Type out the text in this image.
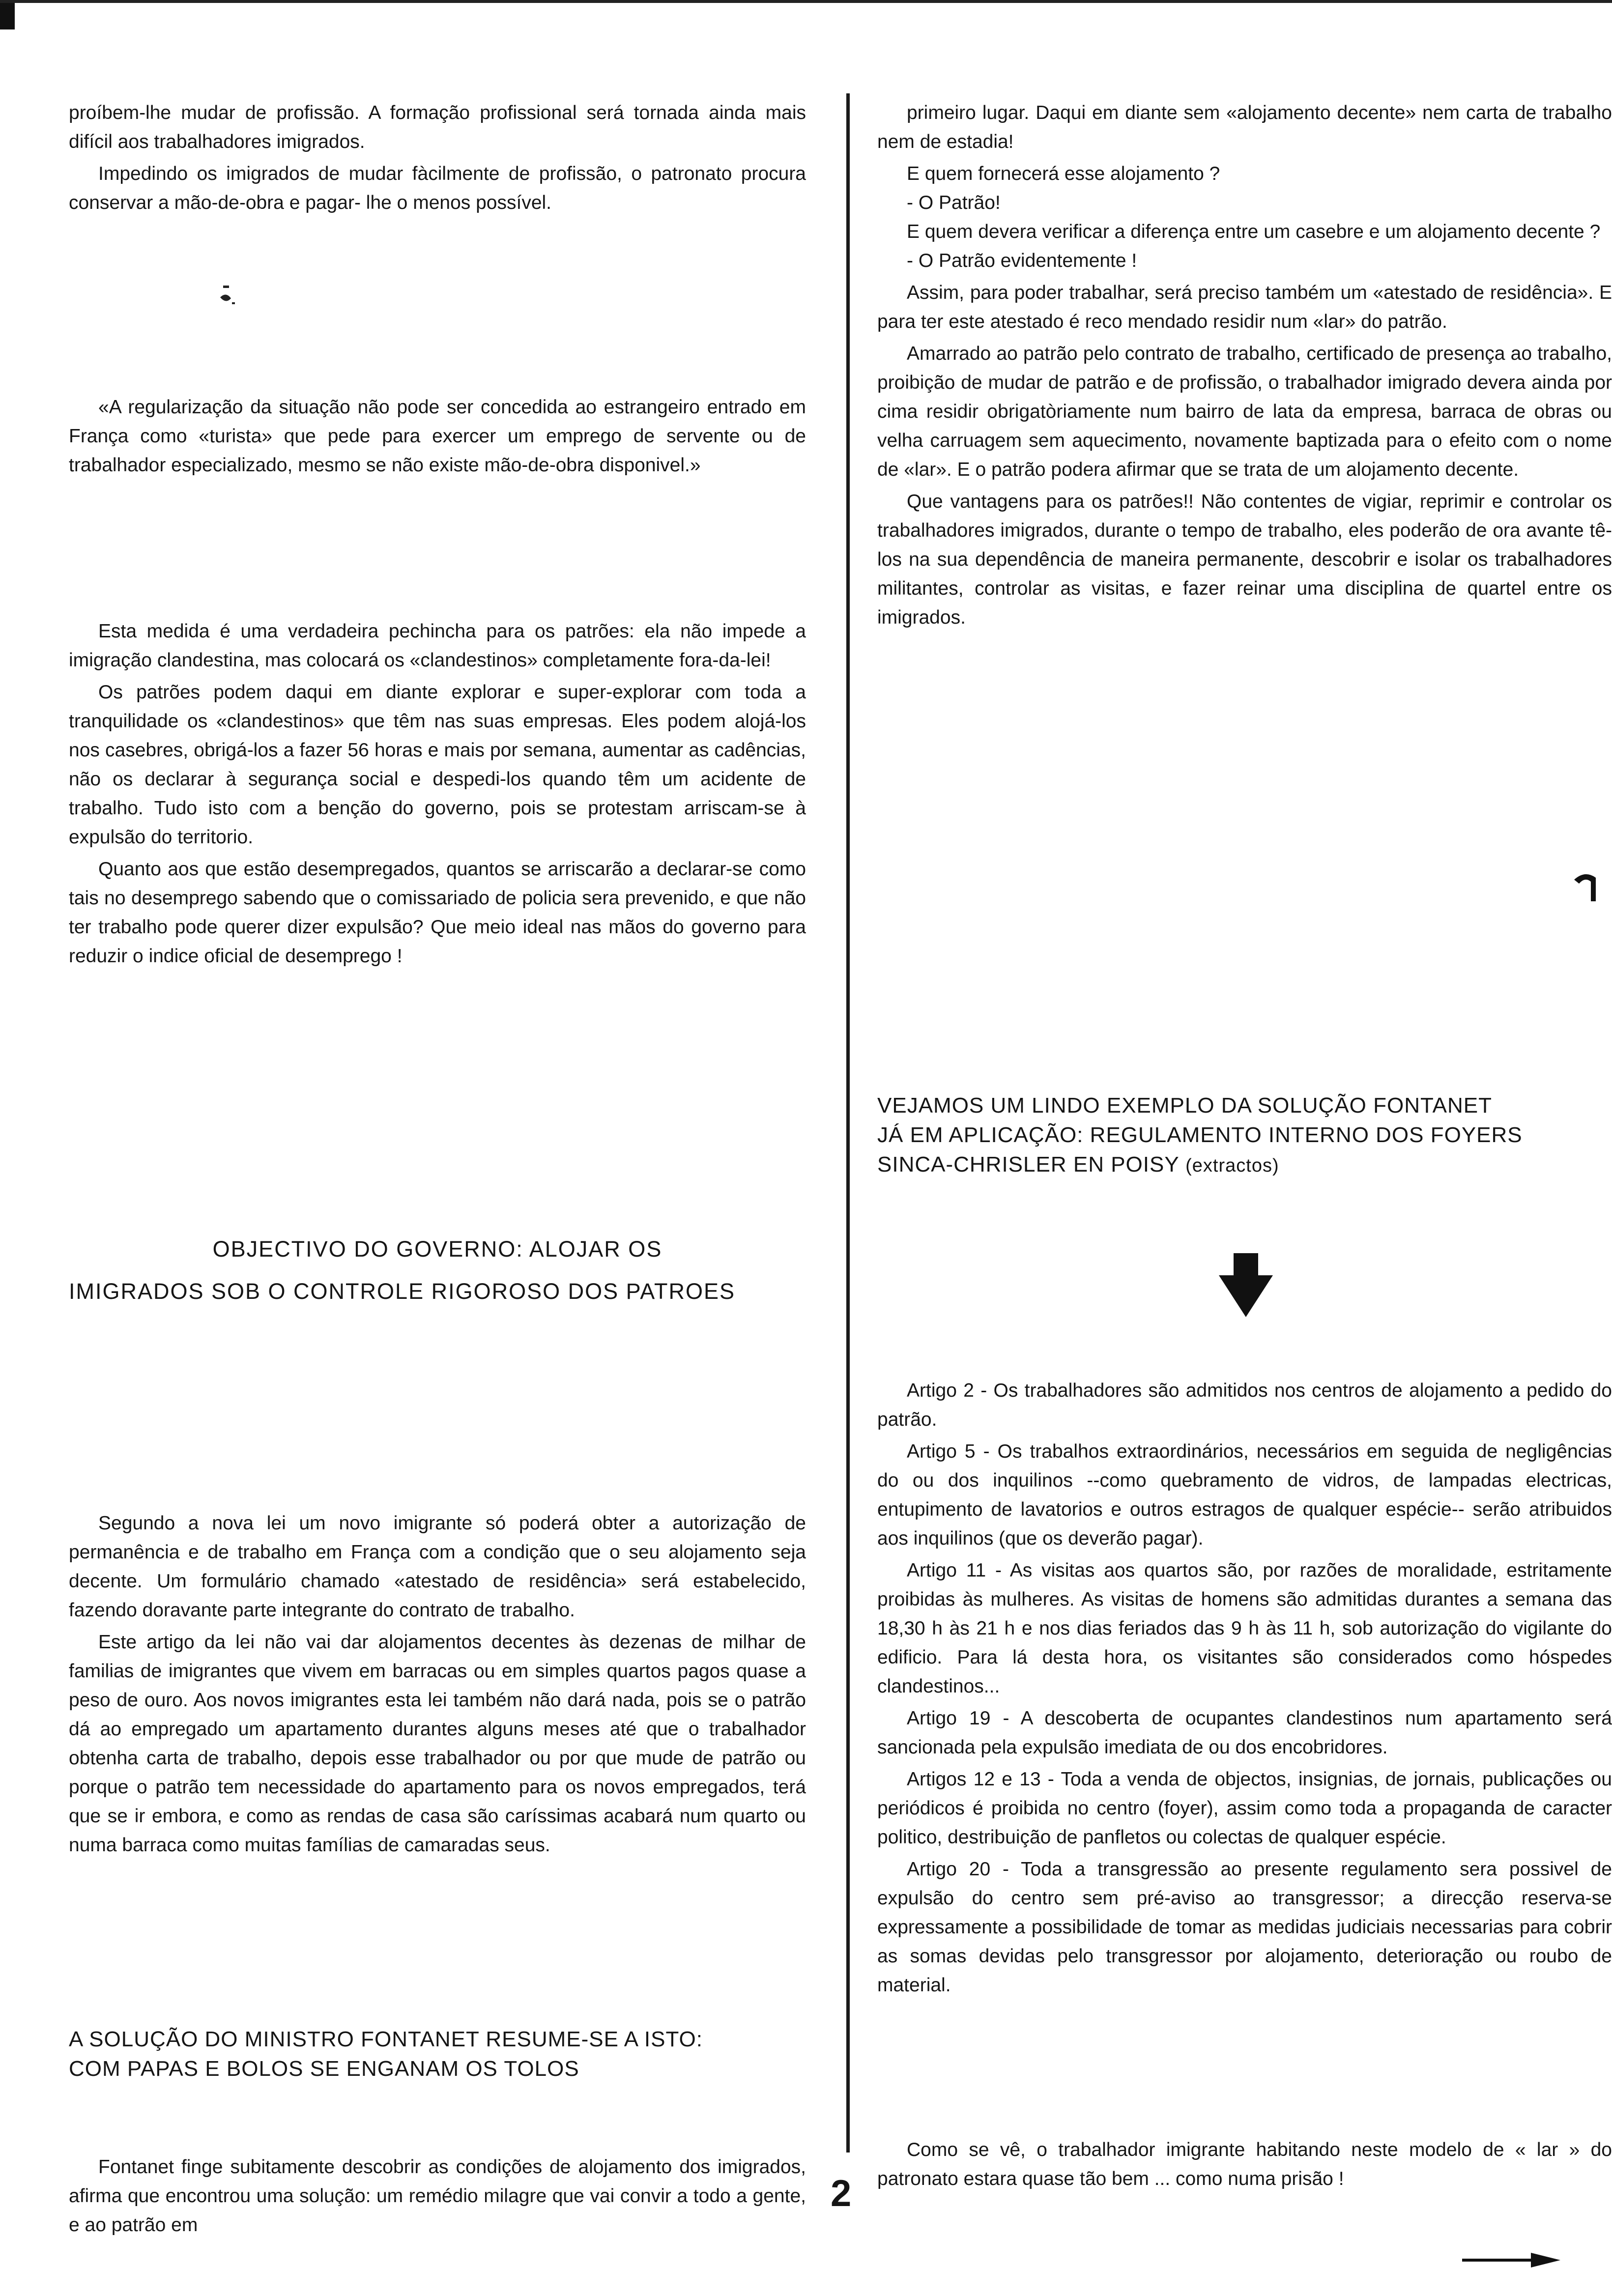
proíbem-lhe mudar de profissão. A formação profissional será tornada ainda mais difícil aos trabalhadores imigrados.

Impedindo os imigrados de mudar fàcilmente de profissão, o patronato procura conservar a mão-de-obra e pagar- lhe o menos possível.

«A regularização da situação não pode ser concedida ao estrangeiro entrado em França como «turista» que pede para exercer um emprego de servente ou de trabalhador especializado, mesmo se não existe mão-de-obra disponivel.»

Esta medida é uma verdadeira pechincha para os patrões: ela não impede a imigração clandestina, mas colocará os «clandestinos» completamente fora-da-lei!

Os patrões podem daqui em diante explorar e super-explorar com toda a tranquilidade os «clandestinos» que têm nas suas empresas. Eles podem alojá-los nos casebres, obrigá-los a fazer 56 horas e mais por semana, aumentar as cadências, não os declarar à segurança social e despedi-los quando têm um acidente de trabalho. Tudo isto com a benção do governo, pois se protestam arriscam-se à expulsão do territorio.

Quanto aos que estão desempregados, quantos se arriscarão a declarar-se como tais no desemprego sabendo que o comissariado de policia sera prevenido, e que não ter trabalho pode querer dizer expulsão? Que meio ideal nas mãos do governo para reduzir o indice oficial de desemprego !

OBJECTIVO DO GOVERNO: ALOJAR OS

IMIGRADOS SOB O CONTROLE RIGOROSO DOS PATROES

Segundo a nova lei um novo imigrante só poderá obter a autorização de permanência e de trabalho em França com a condição que o seu alojamento seja decente. Um formulário chamado «atestado de residência» será estabelecido, fazendo doravante parte integrante do contrato de trabalho.

Este artigo da lei não vai dar alojamentos decentes às dezenas de milhar de familias de imigrantes que vivem em barracas ou em simples quartos pagos quase a peso de ouro. Aos novos imigrantes esta lei também não dará nada, pois se o patrão dá ao empregado um apartamento durantes alguns meses até que o trabalhador obtenha carta de trabalho, depois esse trabalhador ou por que mude de patrão ou porque o patrão tem necessidade do apartamento para os novos empregados, terá que se ir embora, e como as rendas de casa são caríssimas acabará num quarto ou numa barraca como muitas famílias de camaradas seus.

A SOLUÇÃO DO MINISTRO FONTANET RESUME-SE A ISTO:

COM PAPAS E BOLOS SE ENGANAM OS TOLOS

Fontanet finge subitamente descobrir as condições de alojamento dos imigrados, afirma que encontrou uma solução: um remédio milagre que vai convir a todo a gente, e ao patrão em

primeiro lugar. Daqui em diante sem «alojamento decente» nem carta de trabalho nem de estadia!

E quem fornecerá esse alojamento ?

- O Patrão!

E quem devera verificar a diferença entre um casebre e um alojamento decente ?

- O Patrão evidentemente !

Assim, para poder trabalhar, será preciso também um «atestado de residência». E para ter este atestado é reco mendado residir num «lar» do patrão.

Amarrado ao patrão pelo contrato de trabalho, certificado de presença ao trabalho, proibição de mudar de patrão e de profissão, o trabalhador imigrado devera ainda por cima residir obrigatòriamente num bairro de lata da empresa, barraca de obras ou velha carruagem sem aquecimento, novamente baptizada para o efeito com o nome de «lar». E o patrão podera afirmar que se trata de um alojamento decente.

Que vantagens para os patrões!! Não contentes de vigiar, reprimir e controlar os trabalhadores imigrados, durante o tempo de trabalho, eles poderão de ora avante tê-los na sua dependência de maneira permanente, descobrir e isolar os trabalhadores militantes, controlar as visitas, e fazer reinar uma disciplina de quartel entre os imigrados.

VEJAMOS UM LINDO EXEMPLO DA SOLUÇÃO FONTANET

JÁ EM APLICAÇÃO: REGULAMENTO INTERNO DOS FOYERS

SINCA-CHRISLER EN POISY (extractos)

Artigo 2 - Os trabalhadores são admitidos nos centros de alojamento a pedido do patrão.

Artigo 5 - Os trabalhos extraordinários, necessários em seguida de negligências do ou dos inquilinos --como quebramento de vidros, de lampadas electricas, entupimento de lavatorios e outros estragos de qualquer espécie-- serão atribuidos aos inquilinos (que os deverão pagar).

Artigo 11 - As visitas aos quartos são, por razões de moralidade, estritamente proibidas às mulheres. As visitas de homens são admitidas durantes a semana das 18,30 h às 21 h e nos dias feriados das 9 h às 11 h, sob autorização do vigilante do edificio. Para lá desta hora, os visitantes são considerados como hóspedes clandestinos...

Artigo 19 - A descoberta de ocupantes clandestinos num apartamento será sancionada pela expulsão imediata de ou dos encobridores.

Artigos 12 e 13 - Toda a venda de objectos, insignias, de jornais, publicações ou periódicos é proibida no centro (foyer), assim como toda a propaganda de caracter politico, destribuição de panfletos ou colectas de qualquer espécie.

Artigo 20 - Toda a transgressão ao presente regulamento sera possivel de expulsão do centro sem pré-aviso ao transgressor; a direcção reserva-se expressamente a possibilidade de tomar as medidas judiciais necessarias para cobrir as somas devidas pelo transgressor por alojamento, deterioração ou roubo de material.

Como se vê, o trabalhador imigrante habitando neste modelo de « lar » do patronato estara quase tão bem ... como numa prisão !

2
